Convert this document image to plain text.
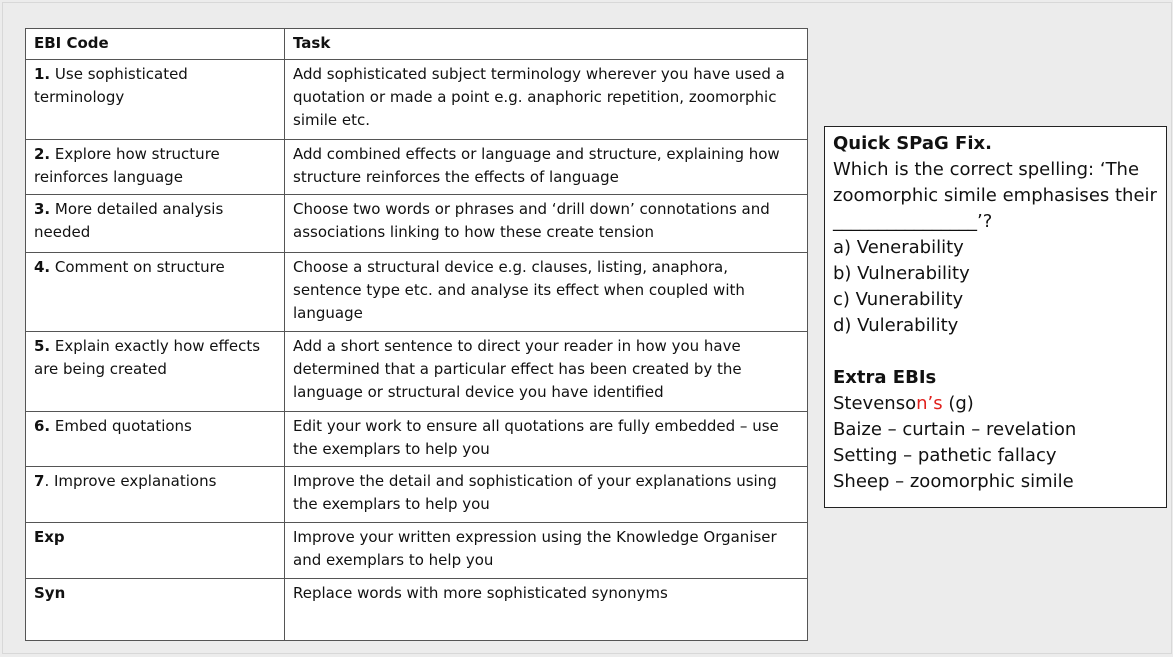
EBI Code	Task
1. Use sophisticated terminology	Add sophisticated subject terminology wherever you have used a quotation or made a point e.g. anaphoric repetition, zoomorphic simile etc.
2. Explore how structure reinforces language	Add combined effects or language and structure, explaining how structure reinforces the effects of language
3. More detailed analysis needed	Choose two words or phrases and ‘drill down’ connotations and associations linking to how these create tension
4. Comment on structure	Choose a structural device e.g. clauses, listing, anaphora, sentence type etc. and analyse its effect when coupled with language
5. Explain exactly how effects are being created	Add a short sentence to direct your reader in how you have determined that a particular effect has been created by the language or structural device you have identified
6. Embed quotations	Edit your work to ensure all quotations are fully embedded – use the exemplars to help you
7. Improve explanations	Improve the detail and sophistication of your explanations using the exemplars to help you
Exp	Improve your written expression using the Knowledge Organiser and exemplars to help you
Syn	Replace words with more sophisticated synonyms
Quick SPaG Fix.
Which is the correct spelling: ‘The zoomorphic simile emphasises their ________________’?
a) Venerability
b) Vulnerability
c) Vunerability
d) Vulerability
Extra EBIs
Stevenson’s (g)
Baize – curtain – revelation
Setting – pathetic fallacy
Sheep – zoomorphic simile
